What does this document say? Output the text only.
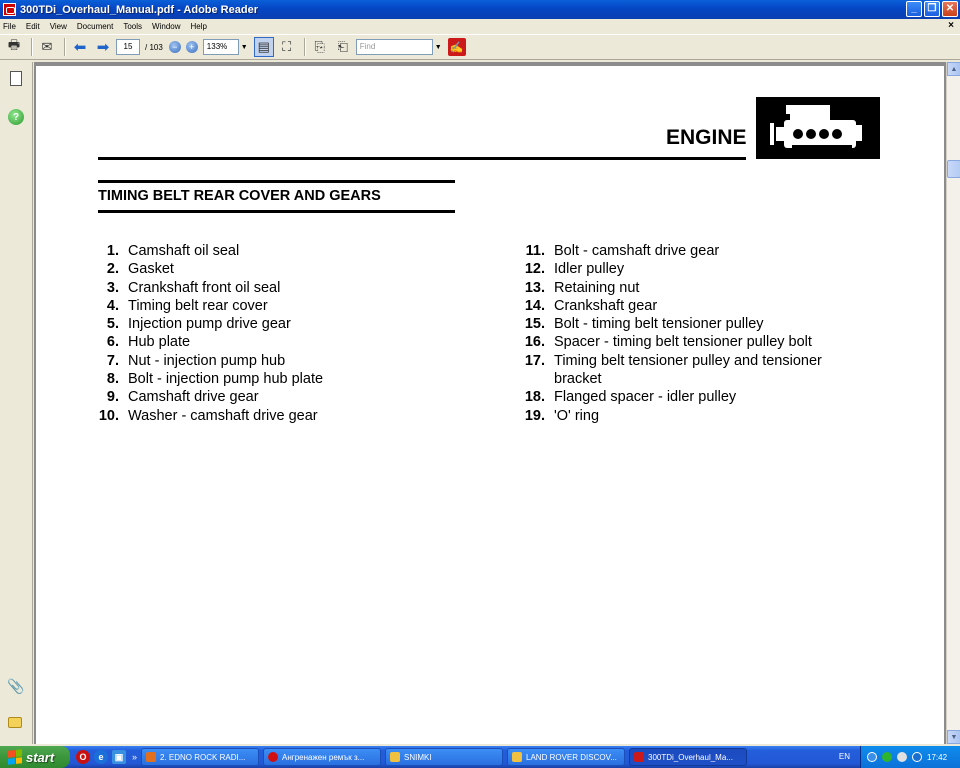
300TDi_Overhaul_Manual.pdf - Adobe Reader	_	❐ ✕
File Edit View Document Tools Window Help	×
🖶	✉	⬅ ➡	15	/ 103	−	+	133%	▼ ▤ ⛶	⎘ ⎗	Find	▼ ✍
?
📎
ENGINE
TIMING BELT REAR COVER AND GEARS
1. Camshaft oil seal
2. Gasket
3. Crankshaft front oil seal
4. Timing belt rear cover
5. Injection pump drive gear
6. Hub plate
7. Nut - injection pump hub
8. Bolt - injection pump hub plate
9. Camshaft drive gear
10. Washer - camshaft drive gear
11. Bolt - camshaft drive gear
12. Idler pulley
13. Retaining nut
14. Crankshaft gear
15. Bolt - timing belt tensioner pulley
16. Spacer - timing belt tensioner pulley bolt
17. Timing belt tensioner pulley and tensioner bracket
18. Flanged spacer - idler pulley
19. 'O' ring
▲
▼
start	O	e	▣ »	2. EDNO ROCK RADI...	Ангренажен ремък з...	SNIMKI	LAND ROVER DISCOV...	300TDi_Overhaul_Ma...	EN	17:42
